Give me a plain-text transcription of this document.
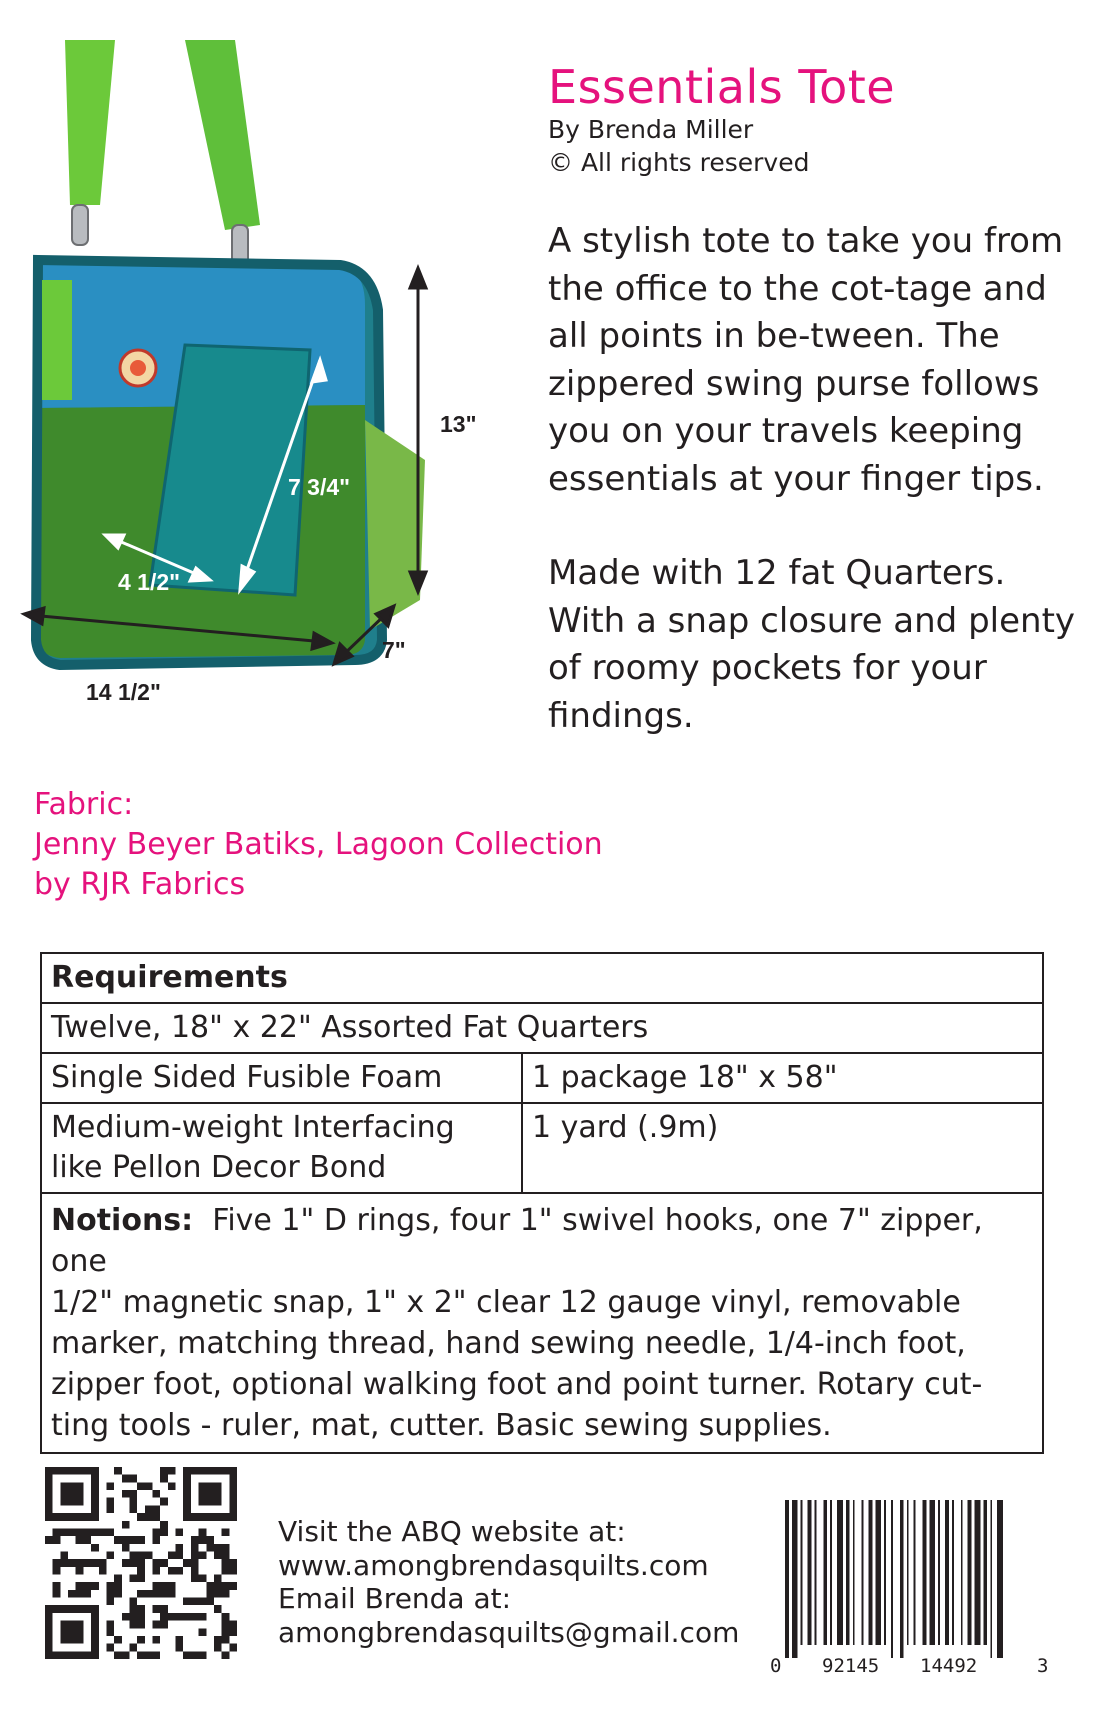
13"
7"
14 1/2"
7 3/4"
4 1/2"
Essentials Tote
By Brenda Miller
© All rights reserved

A stylish tote to take you from the office to the cot-tage and all points in be-tween. The zippered swing purse follows you on your travels keeping essentials at your finger tips.

Made with 12 fat Quarters. With a snap closure and plenty of roomy pockets for your findings.

Fabric:
Jenny Beyer Batiks, Lagoon Collection
by RJR Fabrics
Requirements	
Twelve, 18" x 22" Assorted Fat Quarters	
Single Sided Fusible Foam	1 package 18" x 58"

Medium-weight Interfacing
like Pellon Decor Bond	1 yard (.9m)

Notions: Five 1" D rings, four 1" swivel hooks, one 7" zipper, one
1/2" magnetic snap, 1" x 2" clear 12 gauge vinyl, removable
marker, matching thread, hand sewing needle, 1/4-inch foot,
zipper foot, optional walking foot and point turner. Rotary cut-
ting tools - ruler, mat, cutter. Basic sewing supplies.	
Visit the ABQ website at:
www.amongbrendasquilts.com
Email Brenda at:
amongbrendasquilts@gmail.com
0 92145 14492	3
